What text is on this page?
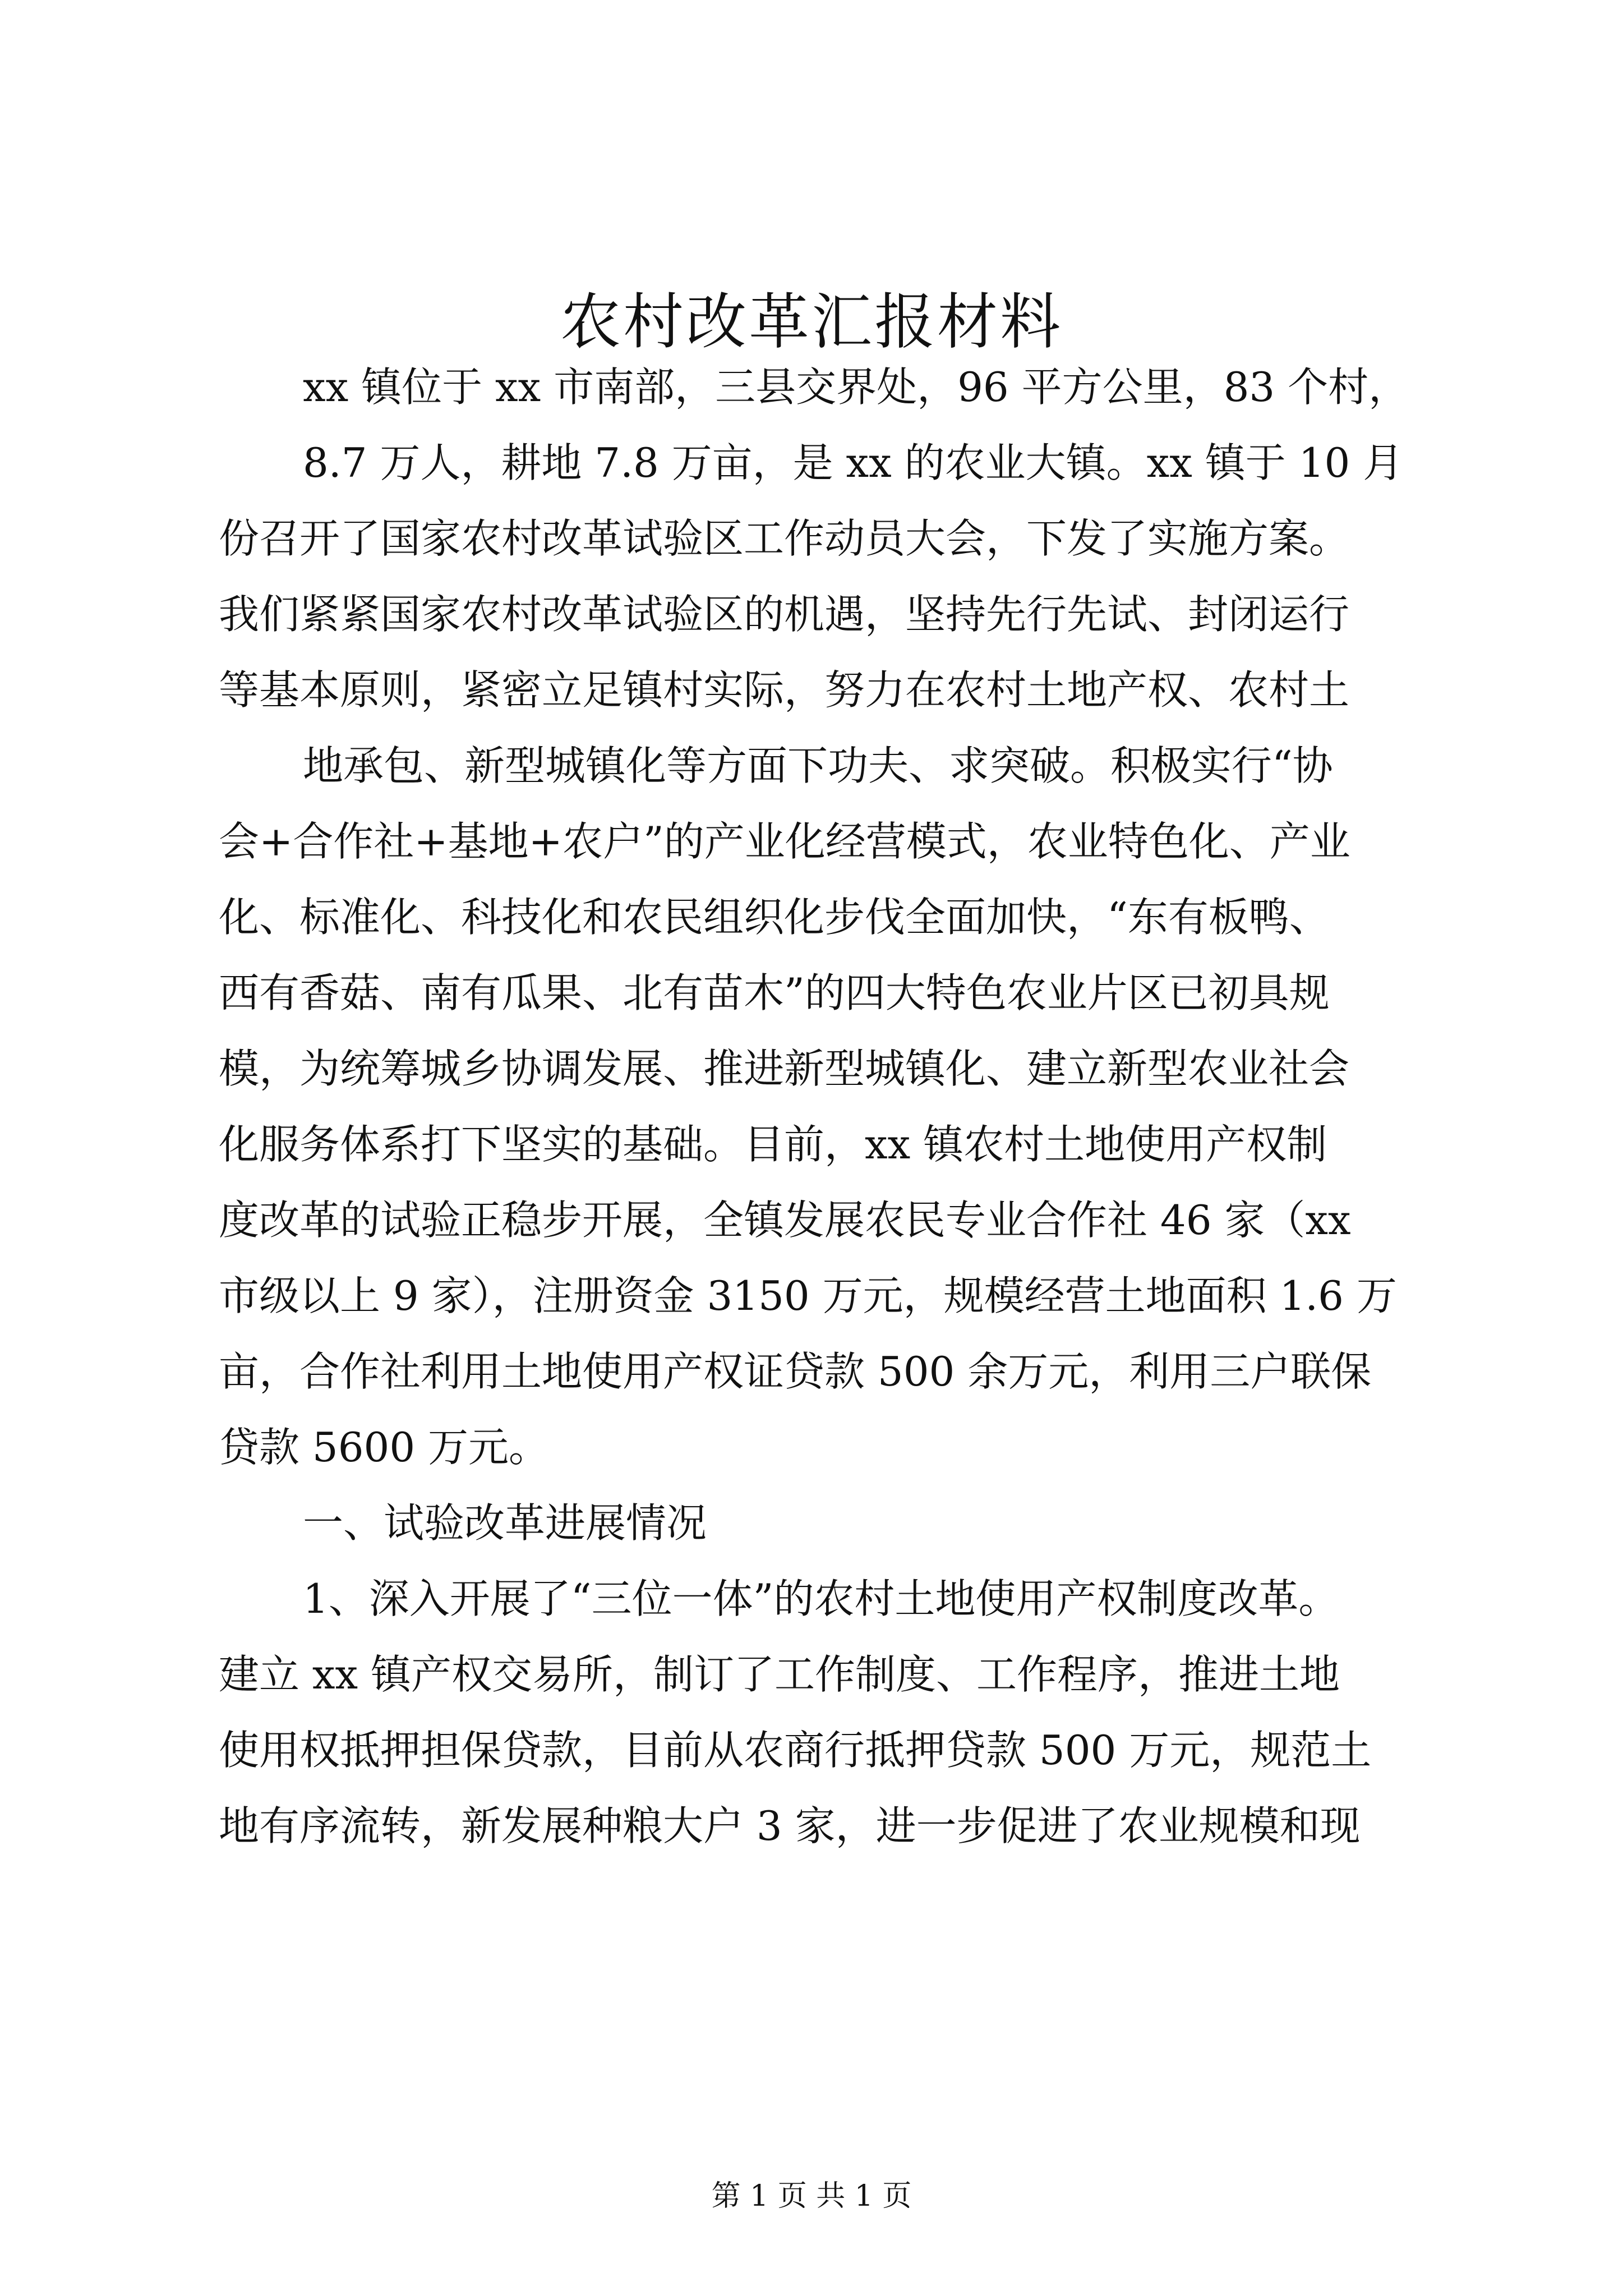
农村改革汇报材料

xx 镇位于 xx 市南部，三县交界处，96 平方公里，83 个村，

8.7 万人，耕地 7.8 万亩，是 xx 的农业大镇。xx 镇于 10 月

份召开了国家农村改革试验区工作动员大会，下发了实施方案。

我们紧紧国家农村改革试验区的机遇，坚持先行先试、封闭运行

等基本原则，紧密立足镇村实际，努力在农村土地产权、农村土

地承包、新型城镇化等方面下功夫、求突破。积极实行“协

会+合作社+基地+农户”的产业化经营模式，农业特色化、产业

化、标准化、科技化和农民组织化步伐全面加快，“东有板鸭、

西有香菇、南有瓜果、北有苗木”的四大特色农业片区已初具规

模，为统筹城乡协调发展、推进新型城镇化、建立新型农业社会

化服务体系打下坚实的基础。目前，xx 镇农村土地使用产权制

度改革的试验正稳步开展，全镇发展农民专业合作社 46 家（xx

市级以上 9 家），注册资金 3150 万元，规模经营土地面积 1.6 万

亩，合作社利用土地使用产权证贷款 500 余万元，利用三户联保

贷款 5600 万元。

一、试验改革进展情况

1、深入开展了“三位一体”的农村土地使用产权制度改革。

建立 xx 镇产权交易所，制订了工作制度、工作程序，推进土地

使用权抵押担保贷款，目前从农商行抵押贷款 500 万元，规范土

地有序流转，新发展种粮大户 3 家，进一步促进了农业规模和现

第 1 页 共 1 页
